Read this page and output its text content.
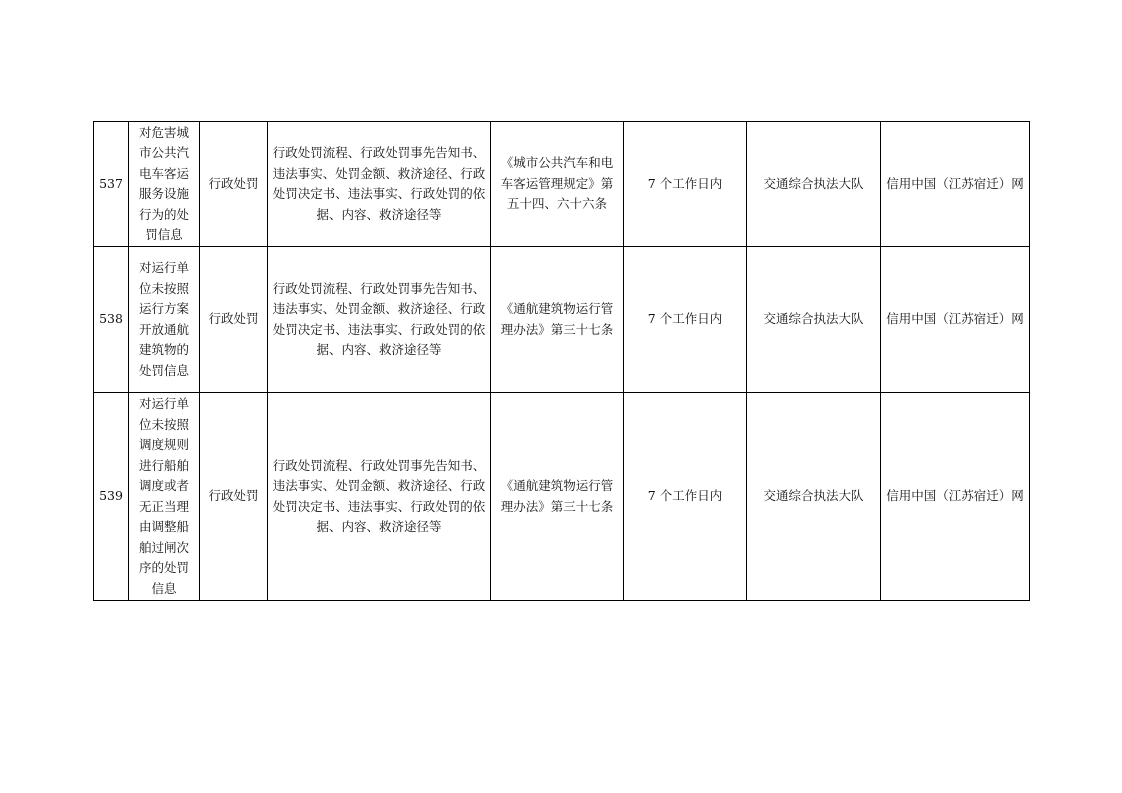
537	对危害城市公共汽电车客运服务设施行为的处罚信息	行政处罚	行政处罚流程、行政处罚事先告知书、违法事实、处罚金额、救济途径、行政处罚决定书、违法事实、行政处罚的依据、内容、救济途径等	《城市公共汽车和电车客运管理规定》第五十四、六十六条	7 个工作日内	交通综合执法大队	信用中国（江苏宿迁）网
538	对运行单位未按照运行方案开放通航建筑物的处罚信息	行政处罚	行政处罚流程、行政处罚事先告知书、违法事实、处罚金额、救济途径、行政处罚决定书、违法事实、行政处罚的依据、内容、救济途径等	《通航建筑物运行管理办法》第三十七条	7 个工作日内	交通综合执法大队	信用中国（江苏宿迁）网
539	对运行单位未按照调度规则进行船舶调度或者无正当理由调整船舶过闸次序的处罚信息	行政处罚	行政处罚流程、行政处罚事先告知书、违法事实、处罚金额、救济途径、行政处罚决定书、违法事实、行政处罚的依据、内容、救济途径等	《通航建筑物运行管理办法》第三十七条	7 个工作日内	交通综合执法大队	信用中国（江苏宿迁）网
